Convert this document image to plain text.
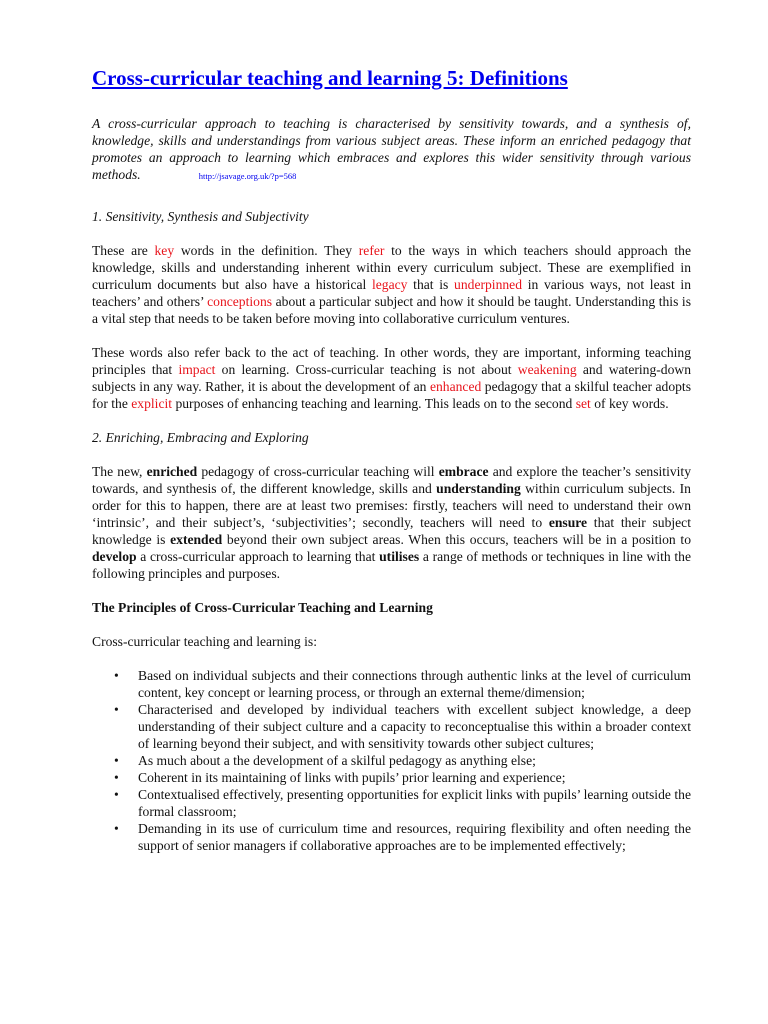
Cross-curricular teaching and learning 5: Definitions

A cross-curricular approach to teaching is characterised by sensitivity towards, and a synthesis of, knowledge, skills and understandings from various subject areas. These inform an enriched pedagogy that promotes an approach to learning which embraces and explores this wider sensitivity through various methods.	http://jsavage.org.uk/?p=568

1. Sensitivity, Synthesis and Subjectivity

These are key words in the definition. They refer to the ways in which teachers should approach the knowledge, skills and understanding inherent within every curriculum subject. These are exemplified in curriculum documents but also have a historical legacy that is underpinned in various ways, not least in teachers’ and others’ conceptions about a particular subject and how it should be taught. Understanding this is a vital step that needs to be taken before moving into collaborative curriculum ventures.

These words also refer back to the act of teaching. In other words, they are important, informing teaching principles that impact on learning. Cross-curricular teaching is not about weakening and watering-down subjects in any way. Rather, it is about the development of an enhanced pedagogy that a skilful teacher adopts for the explicit purposes of enhancing teaching and learning. This leads on to the second set of key words.

2. Enriching, Embracing and Exploring

The new, enriched pedagogy of cross-curricular teaching will embrace and explore the teacher’s sensitivity towards, and synthesis of, the different knowledge, skills and understanding within curriculum subjects. In order for this to happen, there are at least two premises: firstly, teachers will need to understand their own ‘intrinsic’, and their subject’s, ‘subjectivities’; secondly, teachers will need to ensure that their subject knowledge is extended beyond their own subject areas. When this occurs, teachers will be in a position to develop a cross-curricular approach to learning that utilises a range of methods or techniques in line with the following principles and purposes.

The Principles of Cross-Curricular Teaching and Learning

Cross-curricular teaching and learning is:

• Based on individual subjects and their connections through authentic links at the level of curriculum content, key concept or learning process, or through an external theme/dimension;
• Characterised and developed by individual teachers with excellent subject knowledge, a deep understanding of their subject culture and a capacity to reconceptualise this within a broader context of learning beyond their subject, and with sensitivity towards other subject cultures;
• As much about a the development of a skilful pedagogy as anything else;
• Coherent in its maintaining of links with pupils’ prior learning and experience;
• Contextualised effectively, presenting opportunities for explicit links with pupils’ learning outside the formal classroom;
• Demanding in its use of curriculum time and resources, requiring flexibility and often needing the support of senior managers if collaborative approaches are to be implemented effectively;
